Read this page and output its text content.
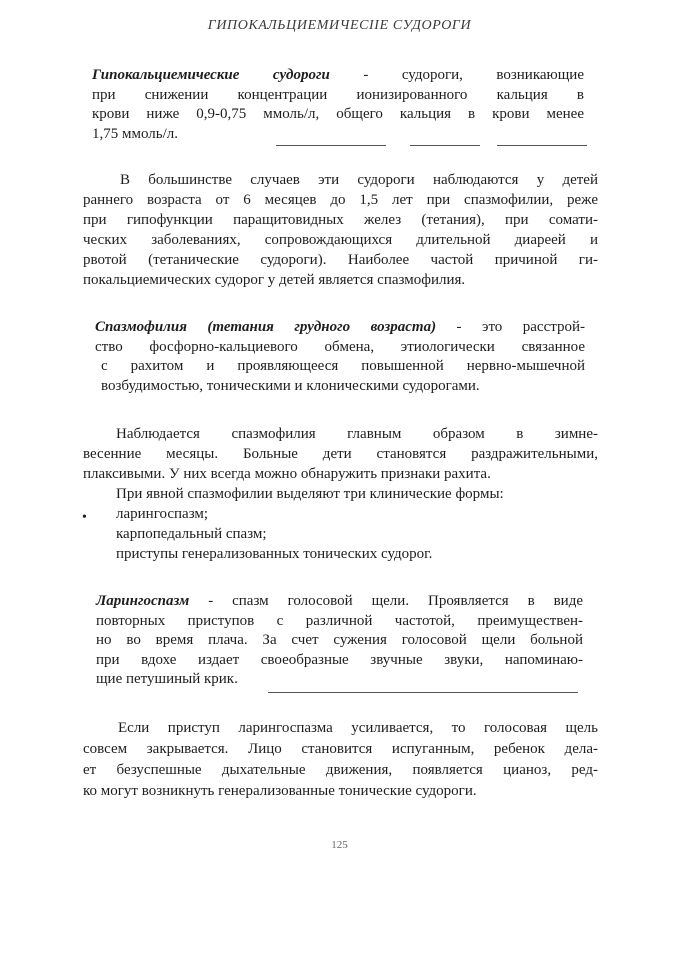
ГИПОКАЛЬЦИЕМИЧЕСIIE СУДОРОГИ
Гипокальциемические судороги - судороги, возникающие
при снижении концентрации ионизированного кальция в
крови ниже 0,9-0,75 ммоль/л, общего кальция в крови менее
1,75 ммоль/л.
В большинстве случаев эти судороги наблюдаются у детей
раннего возраста от 6 месяцев до 1,5 лет при спазмофилии, реже
при гипофункции паращитовидных желез (тетания), при сомати-
ческих заболеваниях, сопровождающихся длительной диареей и
рвотой (тетанические судороги). Наиболее частой причиной ги-
покальциемических судорог у детей является спазмофилия.
Спазмофилия (тетания грудного возраста) - это расстрой-
ство фосфорно-кальциевого обмена, этиологически связанное
с рахитом и проявляющееся повышенной нервно-мышечной
возбудимостью, тоническими и клоническими судорогами.
Наблюдается спазмофилия главным образом в зимне-
весенние месяцы. Больные дети становятся раздражительными,
плаксивыми. У них всегда можно обнаружить признаки рахита.
При явной спазмофилии выделяют три клинические формы:
ларингоспазм;
карпопедальный спазм;
приступы генерализованных тонических судорог.
•
Ларингоспазм - спазм голосовой щели. Проявляется в виде
повторных приступов с различной частотой, преимуществен-
но во время плача. За счет сужения голосовой щели больной
при вдохе издает своеобразные звучные звуки, напоминаю-
щие петушиный крик.
Если приступ ларингоспазма усиливается, то голосовая щель
совсем закрывается. Лицо становится испуганным, ребенок дела-
ет безуспешные дыхательные движения, появляется цианоз, ред-
ко могут возникнуть генерализованные тонические судороги.
125
